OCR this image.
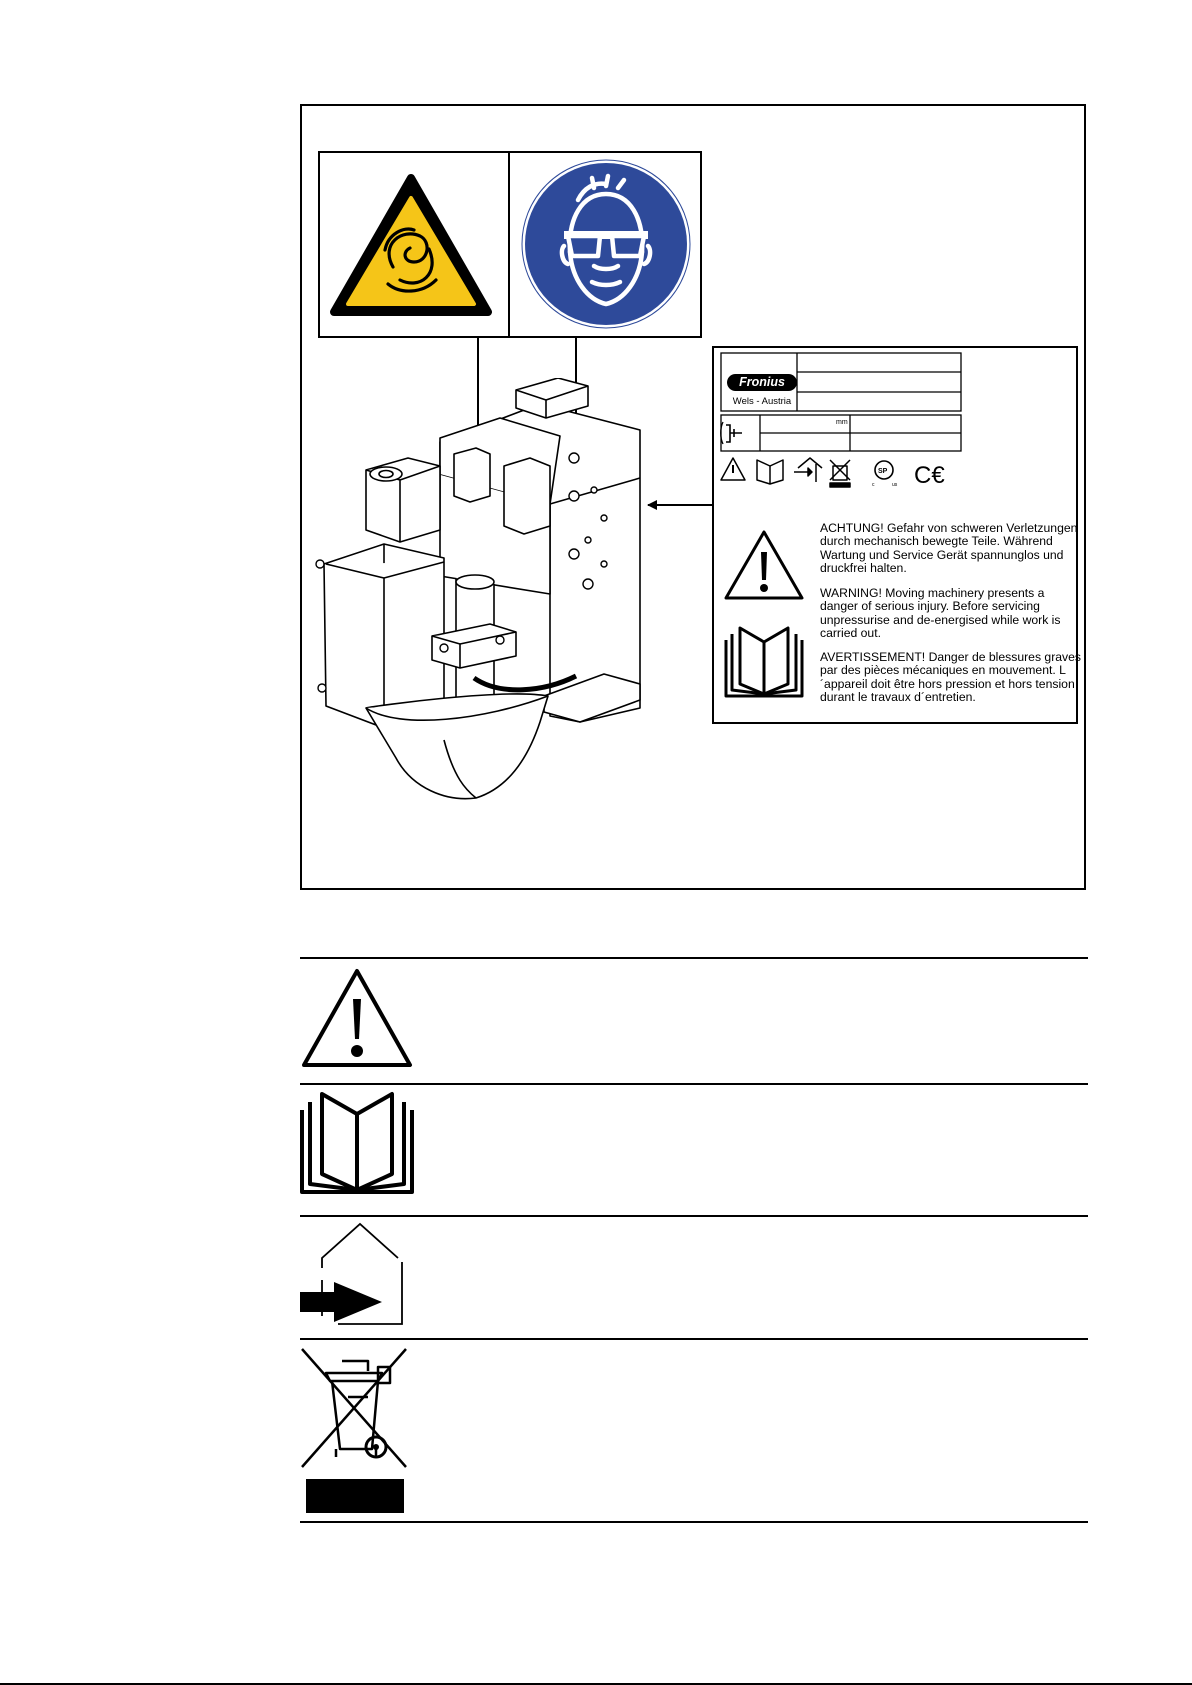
SP
c	us C€
Fronius
Wels - Austria
mm
ACHTUNG! Gefahr von schweren Verletzungen durch mechanisch bewegte Teile. Während Wartung und Service Gerät spannunglos und druckfrei halten.
WARNING! Moving machinery presents a danger of serious injury. Before servicing unpressurise and de-energised while work is carried out.
AVERTISSEMENT! Danger de blessures graves par des pièces mécaniques en mouvement. L´appareil doit être hors pression et hors tension durant le travaux d´entretien.
